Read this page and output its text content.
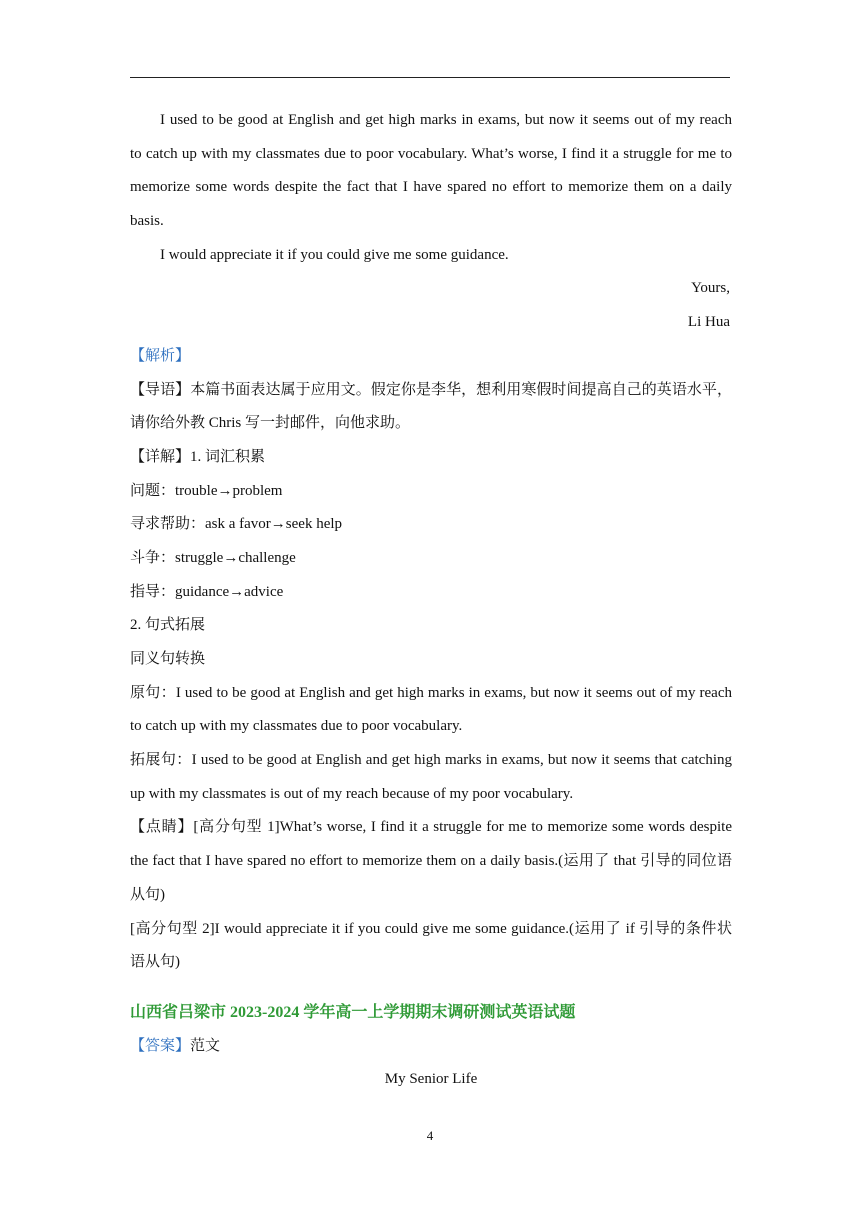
I used to be good at English and get high marks in exams, but now it seems out of my reach
to catch up with my classmates due to poor vocabulary. What’s worse, I find it a struggle for me to
memorize some words despite the fact that I have spared no effort to memorize them on a daily
basis.
I would appreciate it if you could give me some guidance.
Yours,
Li Hua
【解析】
【导语】本篇书面表达属于应用文。假定你是李华，想利用寒假时间提高自己的英语水平，
请你给外教 Chris 写一封邮件，向他求助。
【详解】1. 词汇积累
问题：trouble→problem
寻求帮助：ask a favor→seek help
斗争：struggle→challenge
指导：guidance→advice
2. 句式拓展
同义句转换
原句：I used to be good at English and get high marks in exams, but now it seems out of my reach
to catch up with my classmates due to poor vocabulary.
拓展句：I used to be good at English and get high marks in exams, but now it seems that catching
up with my classmates is out of my reach because of my poor vocabulary.
【点睛】[高分句型 1]What’s worse, I find it a struggle for me to memorize some words despite
the fact that I have spared no effort to memorize them on a daily basis.(运用了 that 引导的同位语
从句)
[高分句型 2]I would appreciate it if you could give me some guidance.(运用了 if 引导的条件状
语从句)
山西省吕梁市 2023-2024 学年高一上学期期末调研测试英语试题
【答案】范文
My Senior Life
4
